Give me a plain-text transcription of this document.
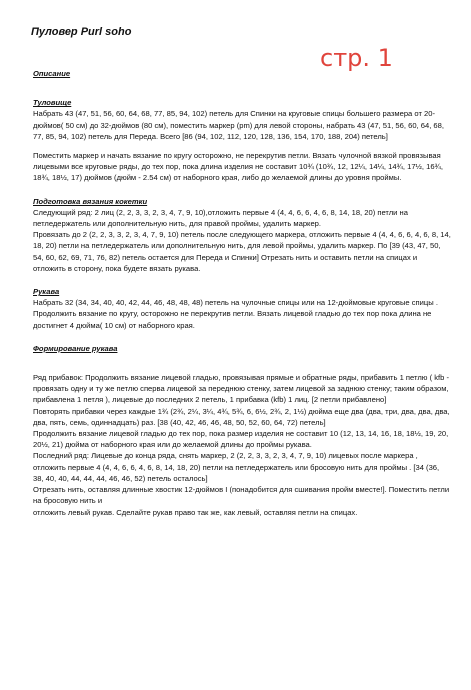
Пуловер Purl soho
стр. 1
Описание
Туловище

Набрать 43 (47, 51, 56, 60, 64, 68, 77, 85, 94, 102) петель для Спинки на круговые спицы большего размера от 20-дюймов( 50 см) до 32-дюймов (80 см), поместить маркер (pm) для левой стороны, набрать 43 (47, 51, 56, 60, 64, 68, 77, 85, 94, 102) петель для Переда. Всего [86 (94, 102, 112, 120, 128, 136, 154, 170, 188, 204) петель]

Поместить маркер и начать вязание по кругу осторожно, не перекрутив петли. Вязать чулочной вязкой провязывая лицевыми все круговые ряды, до тех пор, пока длина изделия не составит 10¾ (10¾, 12, 12¼, 14¼, 14¾, 17½, 16¾, 18¾, 18½, 17) дюймов (дюйм - 2.54 см) от наборного края, либо до желаемой длины до уровня проймы.

Подготовка вязания кокетки

Следующий ряд: 2 лиц (2, 2, 3, 3, 2, 3, 4, 7, 9, 10),отложить первые 4 (4, 4, 6, 6, 4, 6, 8, 14, 18, 20) петли на петледержатель или дополнительную нить, для правой проймы, удалить маркер.

Провязать до 2 (2, 2, 3, 3, 2, 3, 4, 7, 9, 10) петель после следующего маркера, отложить первые 4 (4, 4, 6, 6, 4, 6, 8, 14, 18, 20) петли на петледержатель или дополнительную нить, для левой проймы, удалить маркер. По [39 (43, 47, 50, 54, 60, 62, 69, 71, 76, 82) петель остается для Переда и Спинки] Отрезать нить и оставить петли на спицах и отложить в сторону, пока будете вязать рукава.

Рукава

Набрать 32 (34, 34, 40, 40, 42, 44, 46, 48, 48, 48) петель на чулочные спицы или на 12-дюймовые круговые спицы . Продолжить вязание по кругу, осторожно не перекрутив петли. Вязать лицевой гладью до тех пор пока длина не достигнет 4 дюйма( 10 см) от наборного края.

Формирование рукава

Ряд прибавок: Продолжить вязание лицевой гладью, провязывая прямые и обратные ряды, прибавить 1 петлю ( kfb - провязать одну и ту же петлю сперва лицевой за переднюю стенку, затем лицевой за заднюю стенку; таким образом, прибавлена 1 петля ), лицевые до последних 2 петель, 1 прибавка (kfb) 1 лиц. [2 петли прибавлено]

Повторять прибавки через каждые 1¾ (2¾, 2¼, 3¼, 4¾, 5¾, 6, 6½, 2¾, 2, 1½) дюйма еще два (два, три, два, два, два, два, пять, семь, одиннадцать) раз. [38 (40, 42, 46, 46, 48, 50, 52, 60, 64, 72) петель]

Продолжить вязание лицевой гладью до тех пор, пока размер изделия не составит 10 (12, 13, 14, 16, 18, 18½, 19, 20, 20½, 21) дюйма от наборного края или до желаемой длины до проймы рукава.

Последний ряд: Лицевые до конца ряда, снять маркер, 2 (2, 2, 3, 3, 2, 3, 4, 7, 9, 10) лицевых после маркера , отложить первые 4 (4, 4, 6, 6, 4, 6, 8, 14, 18, 20) петли на петледержатель или бросовую нить для проймы . [34 (36, 38, 40, 40, 44, 44, 44, 46, 46, 52) петель осталось]

Отрезать нить, оставляя длинные хвостик 12-дюймов I (понадобится для сшивания пройм вместе!]. Поместить петли на бросовую нить и

отложить левый рукав. Сделайте рукав право так же, как левый, оставляя петли на спицах.
